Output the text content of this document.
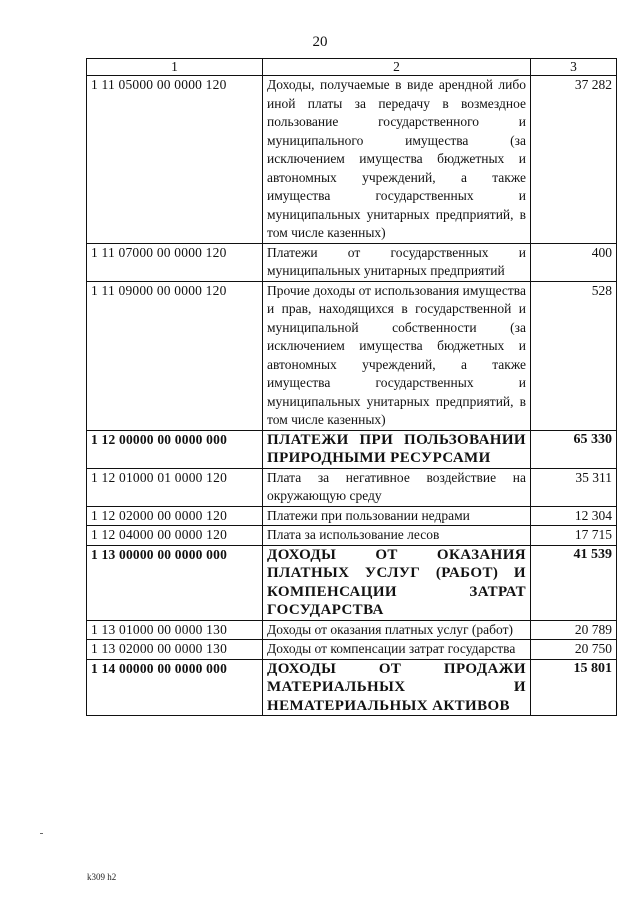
20
1	2	3
1 11 05000 00 0000 120	Доходы, получаемые в виде арендной либо иной платы за передачу в возмездное пользование государственного и муниципального имущества (за исключением имущества бюджетных и автономных учреждений, а также имущества государственных и муниципальных унитарных предприятий, в том числе казенных)	37 282
1 11 07000 00 0000 120	Платежи от государственных и муниципальных унитарных предприятий	400
1 11 09000 00 0000 120	Прочие доходы от использования имущества и прав, находящихся в государственной и муниципальной собственности (за исключением имущества бюджетных и автономных учреждений, а также имущества государственных и муниципальных унитарных предприятий, в том числе казенных)	528
1 12 00000 00 0000 000	ПЛАТЕЖИ ПРИ ПОЛЬЗОВАНИИ ПРИРОДНЫМИ РЕСУРСАМИ	65 330
1 12 01000 01 0000 120	Плата за негативное воздействие на окружающую среду	35 311
1 12 02000 00 0000 120	Платежи при пользовании недрами	12 304
1 12 04000 00 0000 120	Плата за использование лесов	17 715
1 13 00000 00 0000 000	ДОХОДЫ ОТ ОКАЗАНИЯ ПЛАТНЫХ УСЛУГ (РАБОТ) И КОМПЕНСАЦИИ ЗАТРАТ ГОСУДАРСТВА	41 539
1 13 01000 00 0000 130	Доходы от оказания платных услуг (работ)	20 789
1 13 02000 00 0000 130	Доходы от компенсации затрат государства	20 750
1 14 00000 00 0000 000	ДОХОДЫ ОТ ПРОДАЖИ МАТЕРИАЛЬНЫХ И НЕМАТЕРИАЛЬНЫХ АКТИВОВ	15 801
k309 h2
